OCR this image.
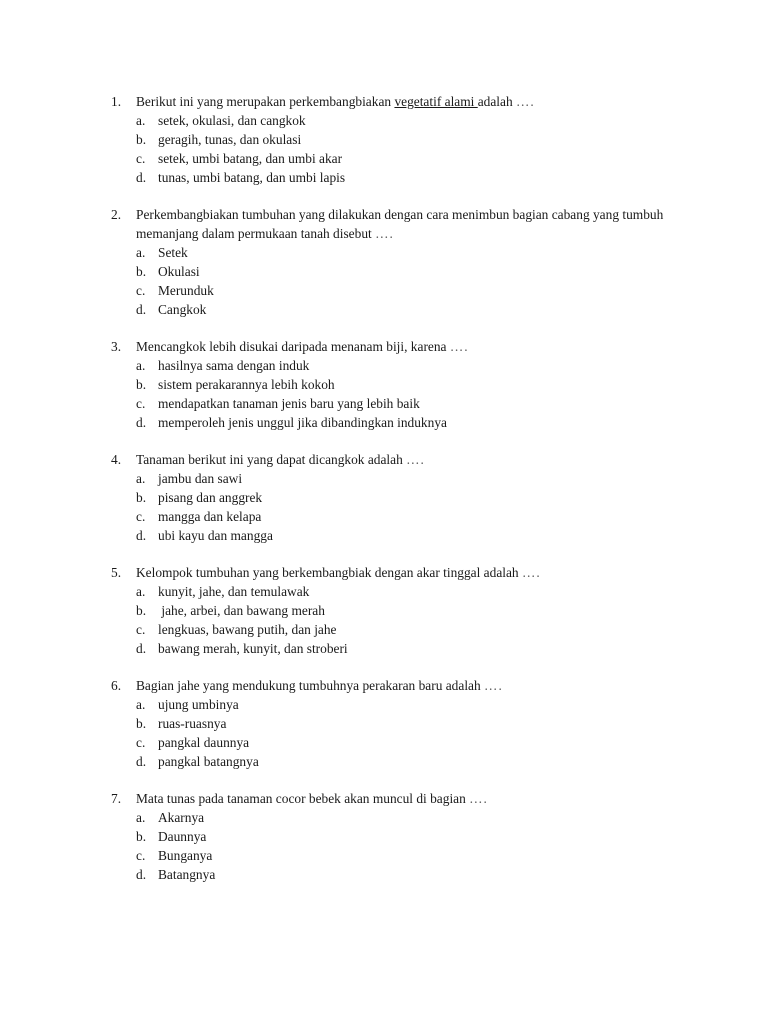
1.	Berikut ini yang merupakan perkembangbiakan vegetatif alami adalah ….
a. setek, okulasi, dan cangkok
b. geragih, tunas, dan okulasi
c. setek, umbi batang, dan umbi akar
d. tunas, umbi batang, dan umbi lapis
2.	Perkembangbiakan tumbuhan yang dilakukan dengan cara menimbun bagian cabang yang tumbuh memanjang dalam permukaan tanah disebut ….
a. Setek
b. Okulasi
c. Merunduk
d. Cangkok
3.	Mencangkok lebih disukai daripada menanam biji, karena ….
a. hasilnya sama dengan induk
b. sistem perakarannya lebih kokoh
c. mendapatkan tanaman jenis baru yang lebih baik
d. memperoleh jenis unggul jika dibandingkan induknya
4.	Tanaman berikut ini yang dapat dicangkok adalah ….
a. jambu dan sawi
b. pisang dan anggrek
c. mangga dan kelapa
d. ubi kayu dan mangga
5.	Kelompok tumbuhan yang berkembangbiak dengan akar tinggal adalah ….
a. kunyit, jahe, dan temulawak
b. jahe, arbei, dan bawang merah
c. lengkuas, bawang putih, dan jahe
d. bawang merah, kunyit, dan stroberi
6.	Bagian jahe yang mendukung tumbuhnya perakaran baru adalah ….
a. ujung umbinya
b. ruas-ruasnya
c. pangkal daunnya
d. pangkal batangnya
7.	Mata tunas pada tanaman cocor bebek akan muncul di bagian ….
a. Akarnya
b. Daunnya
c. Bunganya
d. Batangnya
